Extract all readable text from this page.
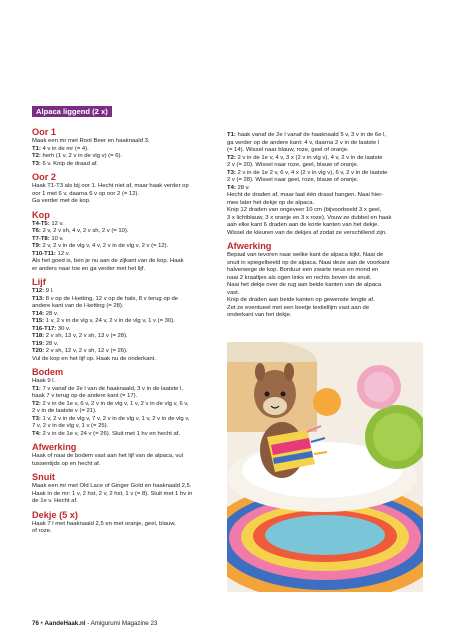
Alpaca liggend (2 x)
Oor 1

Maak een mr met Root Beer en haaknaald 3.

T1: 4 v in de mr (= 4).

T2: herh (1 v, 2 v in de vlg v) (= 6).

T3: 6 v. Knip de draad af.

Oor 2

Haak T1-T3 als bij oor 1. Hecht niet af, maar haak verder op

oor 1 met 6 v, daarna 6 v op oor 2 (= 12).

Ga verder met de kop.

Kop

T4-T5: 12 v.

T6: 2 v, 2 v sh, 4 v, 2 v sh, 2 v (= 10).

T7-T8: 10 v.

T9: 2 v, 2 v in de vlg v, 4 v, 2 v in de vlg v, 2 v (= 12).

T10-T11: 12 v.

Als het goed is, ben je nu aan de zijkant van de kop. Haak

er anders naar toe en ga verder met het lijf.

Lijf

T12: 9 l.

T13: 8 v op de l-ketting, 12 v op de hals, 8 v terug op de

andere kant van de l-ketting (= 28).

T14: 28 v.

T15: 1 v, 2 v in de vlg v, 24 v, 2 v in de vlg v, 1 v (= 30).

T16-T17: 30 v.

T18: 2 v sh, 13 v, 2 v sh, 13 v (= 28).

T19: 28 v.

T20: 2 v sh, 12 v, 2 v sh, 12 v (= 26).

Vul de kop en het lijf op. Haak nu de onderkant.

Bodem

Haak 9 l.

T1: 7 v vanaf de 2e l van de haaknaald, 3 v in de laatste l,

haak 7 v terug op de andere kant (= 17).

T2: 2 v in de 1e v, 6 v, 2 v in de vlg v, 1 v, 2 v in de vlg v, 6 v,

2 v in de laatste v (= 21).

T3: 1 v, 2 v in de vlg v, 7 v, 2 v in de vlg v, 1 v, 2 v in de vlg v,

7 v, 2 v in de vlg v, 1 v (= 25).

T4: 2 v in de 1e v, 24 v (= 26). Sluit met 1 hv en hecht af.

Afwerking

Haak of naai de bodem vast aan het lijf van de alpaca, vul

tussentijds op en hecht af.

Snuit

Maak een mr met Old Lace of Ginger Gold en haaknaald 2,5.

Haak in de mr: 1 v, 2 hst, 2 v, 2 hst, 1 v (= 8). Sluit met 1 hv in

de 1e v. Hecht af.

Dekje (5 x)

Haak 7 l met haaknaald 2,5 en met oranje, geel, blauw,

of roze.

T1: haak vanaf de 2e l vanaf de haaknaald 5 v, 3 v in de 6e l,

ga verder op de andere kant: 4 v, daarna 2 v in de laatste l

(= 14). Wissel naar blauw, roze, geel of oranje.

T2: 2 v in de 1e v, 4 v, 3 x (2 v in vlg v), 4 v, 2 v in de laatste

2 v (= 20). Wissel naar roze, geel, blauw of oranje.

T3: 2 v in de 1e 2 v, 6 v, 4 x (2 v in vlg v), 6 v, 2 v in de laatste

2 v (= 28). Wissel naar geel, roze, blauw of oranje.

T4: 28 v.

Hecht de draden af, maar laat één draad hangen. Naai hier-

mee later het dekje op de alpaca.

Knip 12 draden van ongeveer 10 cm (bijvoorbeeld 3 x geel,

3 x lichtblauw, 3 x oranje en 3 x roze). Vouw ze dubbel en haak

aan elke kant 6 draden aan de korte kanten van het dekje.

Wissel de kleuren van de dekjes af zodat ze verschillend zijn.

Afwerking

Bepaal van tevoren naar welke kant de alpaca kijkt. Naai de

snuit in spiegelbeeld op de alpaca. Naai deze aan de voorkant

halverwege de kop. Borduur een zwarte neus en mond en

naai 2 kraaltjes als ogen links en rechts boven de snuit.

Naai het dekje over de rug aan beide kanten van de alpaca

vast.

Knip de draden aan beide kanten op gewenste lengte af.

Zet ze eventueel met een beetje textiellijm vast aan de

onderkant van het dekje.

76 • AandeHaak.nl - Amigurumi Magazine 23
